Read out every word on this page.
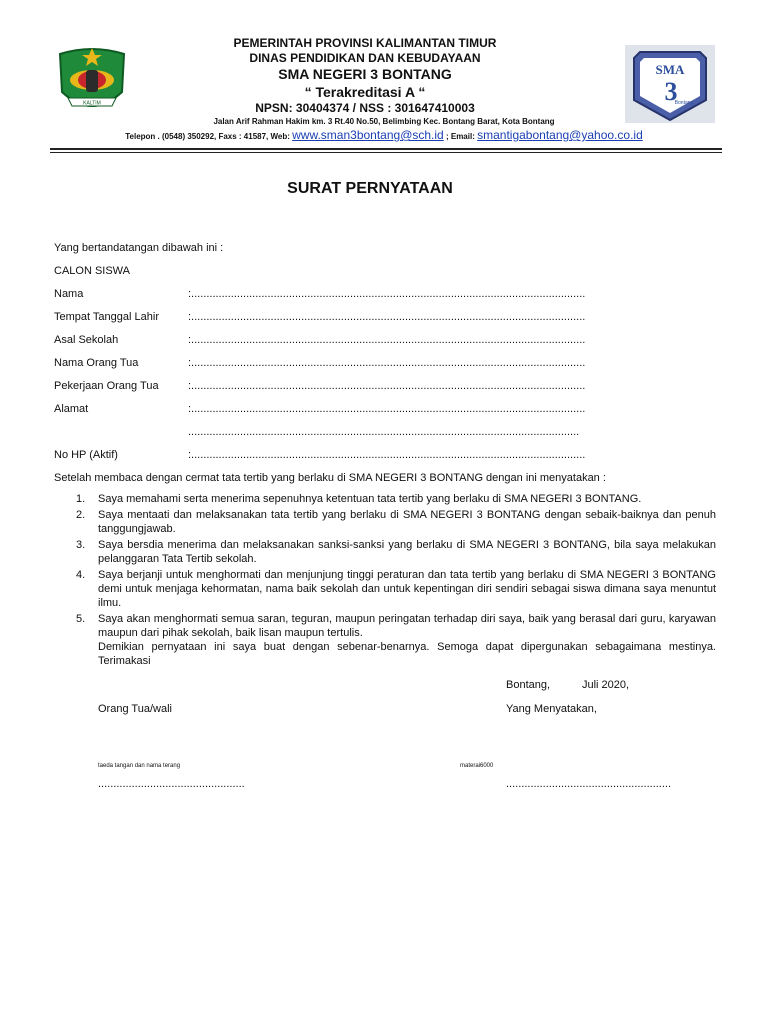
KALTIM
SMA
3
Bontang
PEMERINTAH PROVINSI KALIMANTAN TIMUR
DINAS PENDIDIKAN DAN KEBUDAYAAN
SMA NEGERI 3 BONTANG
“ Terakreditasi A “
NPSN: 30404374 / NSS : 301647410003
Jalan Arif Rahman Hakim km. 3 Rt.40 No.50, Belimbing Kec. Bontang Barat, Kota Bontang
Telepon . (0548) 350292, Faxs : 41587, Web: www.sman3bontang@sch.id ; Email: smantigabontang@yahoo.co.id
SURAT PERNYATAAN
Yang bertandatangan dibawah ini :
CALON SISWA
Nama	:.................................................................................................................................
Tempat Tanggal Lahir	:.................................................................................................................................
Asal Sekolah	:.................................................................................................................................
Nama Orang Tua	:.................................................................................................................................
Pekerjaan Orang Tua	:.................................................................................................................................
Alamat	:.................................................................................................................................
................................................................................................................................
No HP (Aktif)	:.................................................................................................................................
Setelah membaca dengan cermat tata tertib yang berlaku di SMA NEGERI 3 BONTANG dengan ini menyatakan :
1. Saya memahami serta menerima sepenuhnya ketentuan tata tertib yang berlaku di SMA NEGERI 3 BONTANG.
2. Saya mentaati dan melaksanakan tata tertib yang berlaku di SMA NEGERI 3 BONTANG dengan sebaik-baiknya dan penuh tanggungjawab.
3. Saya bersdia menerima dan melaksanakan sanksi-sanksi yang berlaku di SMA NEGERI 3 BONTANG, bila saya melakukan pelanggaran Tata Tertib sekolah.
4. Saya berjanji untuk menghormati dan menjunjung tinggi peraturan dan tata tertib yang berlaku di SMA NEGERI 3 BONTANG demi untuk menjaga kehormatan, nama baik sekolah dan untuk kepentingan diri sendiri sebagai siswa dimana saya menuntut ilmu.
5. Saya akan menghormati semua saran, teguran, maupun peringatan terhadap diri saya, baik yang berasal dari guru, karyawan maupun dari pihak sekolah, baik lisan maupun tertulis.
Demikian pernyataan ini saya buat dengan sebenar-benarnya. Semoga dapat dipergunakan sebagaimana mestinya. Terimakasi
Bontang,	Juli 2020,
Orang Tua/wali	Yang Menyatakan,
taeda tangan dan nama terang	materai6000
................................................	......................................................
